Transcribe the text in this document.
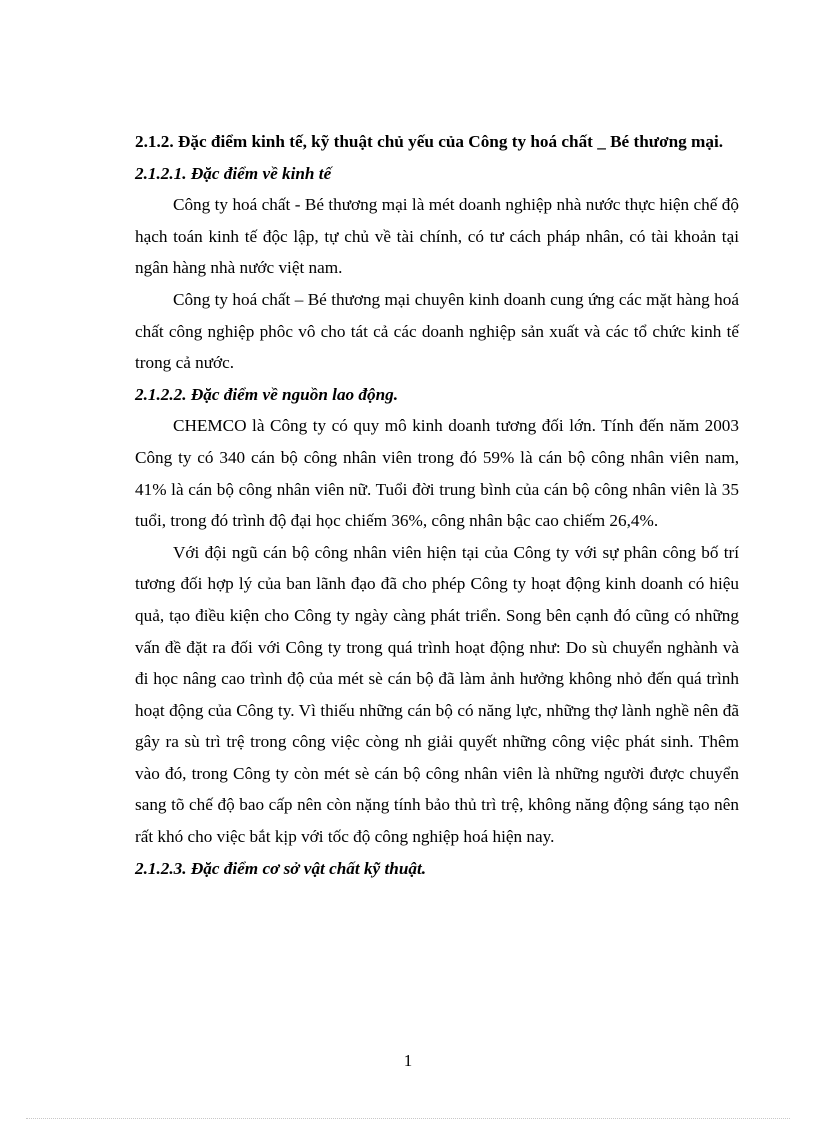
2.1.2. Đặc điểm kinh tế, kỹ thuật chủ yếu của Công ty hoá chất _ Bé thương mại.

2.1.2.1. Đặc điểm về kinh tế

Công ty hoá chất - Bé thương mại là mét doanh nghiệp nhà nước thực hiện chế độ hạch toán kinh tế độc lập, tự chủ về tài chính, có tư cách pháp nhân, có tài khoản tại ngân hàng nhà nước việt nam.

Công ty hoá chất – Bé thương mại chuyên kinh doanh cung ứng các mặt hàng hoá chất công nghiệp phôc vô cho tát cả các doanh nghiệp sản xuất và các tổ chức kinh tế trong cả nước.

2.1.2.2. Đặc điểm về nguồn lao động.

CHEMCO là Công ty có quy mô kinh doanh tương đối lớn. Tính đến năm 2003 Công ty có 340 cán bộ công nhân viên trong đó 59% là cán bộ công nhân viên nam, 41% là cán bộ công nhân viên nữ. Tuổi đời trung bình của cán bộ công nhân viên là 35 tuổi, trong đó trình độ đại học chiếm 36%, công nhân bậc cao chiếm 26,4%.

Với đội ngũ cán bộ công nhân viên hiện tại của Công ty với sự phân công bố trí tương đối hợp lý của ban lãnh đạo đã cho phép Công ty hoạt động kinh doanh có hiệu quả, tạo điều kiện cho Công ty ngày càng phát triển. Song bên cạnh đó cũng có những vấn đề đặt ra đối với Công ty trong quá trình hoạt động như: Do sù chuyển nghành và đi học nâng cao trình độ của mét sè cán bộ đã làm ảnh hưởng không nhỏ đến quá trình hoạt động của Công ty. Vì thiếu những cán bộ có năng lực, những thợ lành nghề nên đã gây ra sù trì trệ trong công việc còng nh giải quyết những công việc phát sinh. Thêm vào đó, trong Công ty còn mét sè cán bộ công nhân viên là những người được chuyển sang tõ chế độ bao cấp nên còn nặng tính bảo thủ trì trệ, không năng động sáng tạo nên rất khó cho việc bắt kịp với tốc độ công nghiệp hoá hiện nay.

2.1.2.3. Đặc điểm cơ sở vật chất kỹ thuật.

1
